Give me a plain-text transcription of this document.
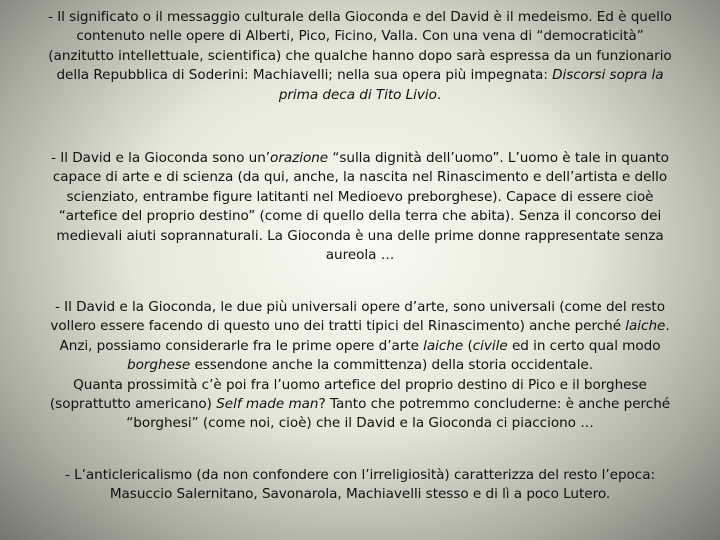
- Il significato o il messaggio culturale della Gioconda e del David è il medeismo. Ed è quello
contenuto nelle opere di Alberti, Pico, Ficino, Valla. Con una vena di “democraticità”
(anzitutto intellettuale, scientifica) che qualche hanno dopo sarà espressa da un funzionario
della Repubblica di Soderini: Machiavelli; nella sua opera più impegnata: Discorsi sopra la
prima deca di Tito Livio.
- Il David e la Gioconda sono un’orazione “sulla dignità dell’uomo”. L’uomo è tale in quanto
capace di arte e di scienza (da qui, anche, la nascita nel Rinascimento e dell’artista e dello
scienziato, entrambe figure latitanti nel Medioevo preborghese). Capace di essere cioè
“artefice del proprio destino” (come di quello della terra che abita). Senza il concorso dei
medievali aiuti soprannaturali. La Gioconda è una delle prime donne rappresentate senza
aureola …
- Il David e la Gioconda, le due più universali opere d’arte, sono universali (come del resto
vollero essere facendo di questo uno dei tratti tipici del Rinascimento) anche perché laiche.
Anzi, possiamo considerarle fra le prime opere d’arte laiche (civile ed in certo qual modo
borghese essendone anche la committenza) della storia occidentale.
Quanta prossimità c’è poi fra l’uomo artefice del proprio destino di Pico e il borghese
(soprattutto americano) Self made man? Tanto che potremmo concluderne: è anche perché
“borghesi” (come noi, cioè) che il David e la Gioconda ci piacciono …
- L’anticlericalismo (da non confondere con l’irreligiosità) caratterizza del resto l’epoca:
Masuccio Salernitano, Savonarola, Machiavelli stesso e di lì a poco Lutero.
